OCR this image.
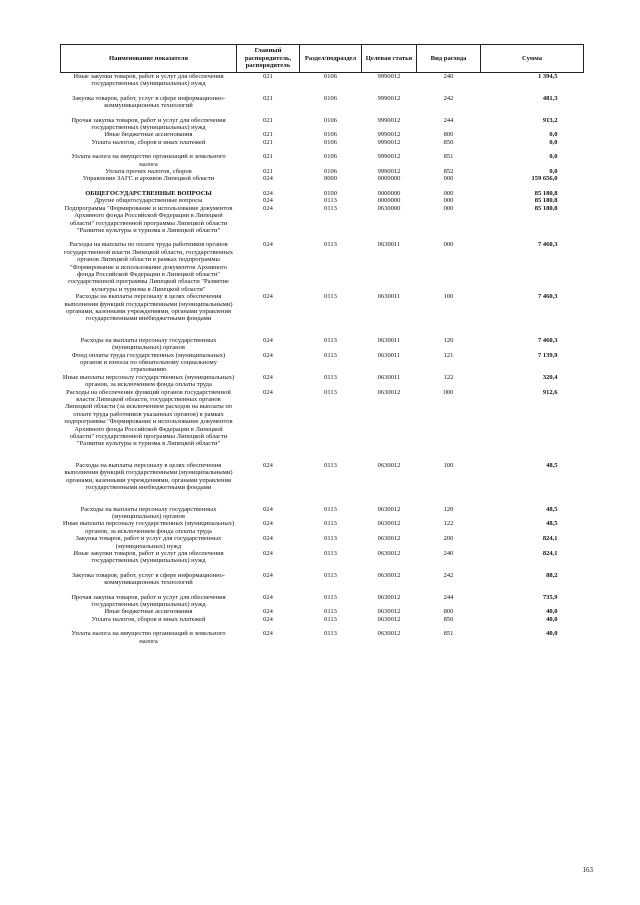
Наименование показателя	Главный распорядитель, распорядитель	Раздел/подраздел	Целевая статья	Вид расхода	Сумма
Иные закупки товаров, работ и услуг для обеспечения государственных (муниципальных) нужд	021	0106	9990012	240	1 394,5
Закупка товаров, работ, услуг в сфере информационно-коммуникационных технологий	021	0106	9990012	242	481,3
Прочая закупка товаров, работ и услуг для обеспечения государственных (муниципальных) нужд	021	0106	9990012	244	913,2
Иные бюджетные ассигнования	021	0106	9990012	800	0,0
Уплата налогов, сборов и иных платежей	021	0106	9990012	850	0,0
Уплата налога на имущество организаций и земельного налога	021	0106	9990012	851	0,0
Уплата прочих налогов, сборов	021	0106	9990012	852	0,0
Управление ЗАГС и архивов Липецкой области	024	0000	0000000	000	159 656,0
ОБЩЕГОСУДАРСТВЕННЫЕ ВОПРОСЫ	024	0100	0000000	000	85 180,8
Другие общегосударственные вопросы	024	0113	0000000	000	85 180,8
Подпрограмма "Формирование и использование документов Архивного фонда Российской Федерации в Липецкой области" государственной программы Липецкой области "Развитие культуры и туризма в Липецкой области"	024	0113	0630000	000	85 180,8
Расходы на выплаты по оплате труда работников органов государственной власти Липецкой области, государственных органов Липецкой области в рамках подпрограммы "Формирование и использование документов Архивного фонда Российской Федерации в Липецкой области" государственной программы Липецкой области "Развитие культуры и туризма в Липецкой области"	024	0113	0630011	000	7 460,3
Расходы на выплаты персоналу в целях обеспечения выполнения функций государственными (муниципальными) органами, казенными учреждениями, органами управления государственными внебюджетными фондами	024	0113	0630011	100	7 460,3
Расходы на выплаты персоналу государственных (муниципальных) органов	024	0113	0630011	120	7 460,3
Фонд оплаты труда государственных (муниципальных) органов и взносы по обязательному социальному страхованию	024	0113	0630011	121	7 139,9
Иные выплаты персоналу государственных (муниципальных) органов, за исключением фонда оплаты труда	024	0113	0630011	122	320,4
Расходы на обеспечение функций органов государственной власти Липецкой области, государственных органов Липецкой области (за исключением расходов на выплаты по оплате труда работников указанных органов) в рамках подпрограммы "Формирование и использование документов Архивного фонда Российской Федерации в Липецкой области" государственной программы Липецкой области "Развитие культуры и туризма в Липецкой области"	024	0113	0630012	000	912,6
Расходы на выплаты персоналу в целях обеспечения выполнения функций государственными (муниципальными) органами, казенными учреждениями, органами управления государственными внебюджетными фондами	024	0113	0630012	100	48,5
Расходы на выплаты персоналу государственных (муниципальных) органов	024	0113	0630012	120	48,5
Иные выплаты персоналу государственных (муниципальных) органов, за исключением фонда оплаты труда	024	0113	0630012	122	48,5
Закупка товаров, работ и услуг для государственных (муниципальных) нужд	024	0113	0630012	200	824,1
Иные закупки товаров, работ и услуг для обеспечения государственных (муниципальных) нужд	024	0113	0630012	240	824,1
Закупка товаров, работ, услуг в сфере информационно-коммуникационных технологий	024	0113	0630012	242	88,2
Прочая закупка товаров, работ и услуг для обеспечения государственных (муниципальных) нужд	024	0113	0630012	244	735,9
Иные бюджетные ассигнования	024	0113	0630012	800	40,0
Уплата налогов, сборов и иных платежей	024	0113	0630012	850	40,0
Уплата налога на имущество организаций и земельного налога	024	0113	0630012	851	40,0
163
